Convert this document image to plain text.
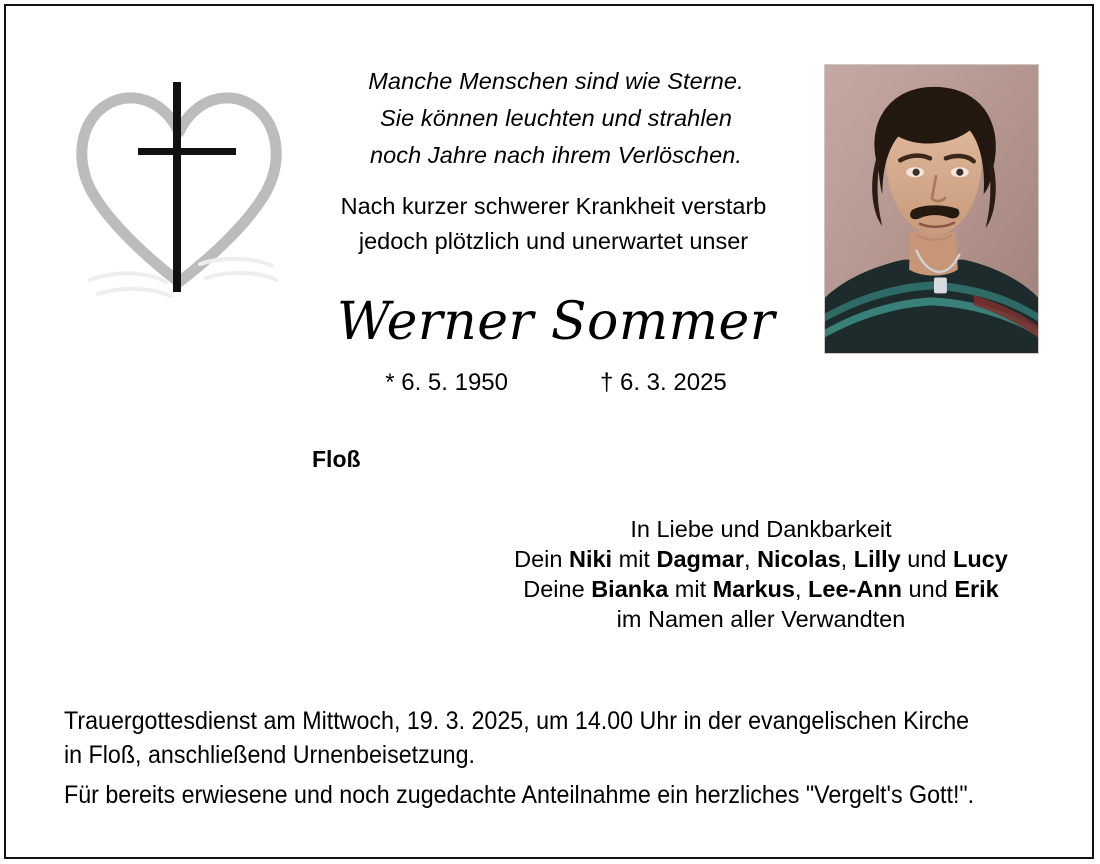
Manche Menschen sind wie Sterne.
Sie können leuchten und strahlen
noch Jahre nach ihrem Verlöschen.
Nach kurzer schwerer Krankheit verstarb
jedoch plötzlich und unerwartet unser
Werner Sommer
* 6. 5. 1950	† 6. 3. 2025
Floß
In Liebe und Dankbarkeit
Dein Niki mit Dagmar, Nicolas, Lilly und Lucy
Deine Bianka mit Markus, Lee-Ann und Erik
im Namen aller Verwandten
Trauergottesdienst am Mittwoch, 19. 3. 2025, um 14.00 Uhr in der evangelischen Kirche
in Floß, anschließend Urnenbeisetzung.
Für bereits erwiesene und noch zugedachte Anteilnahme ein herzliches "Vergelt's Gott!".
